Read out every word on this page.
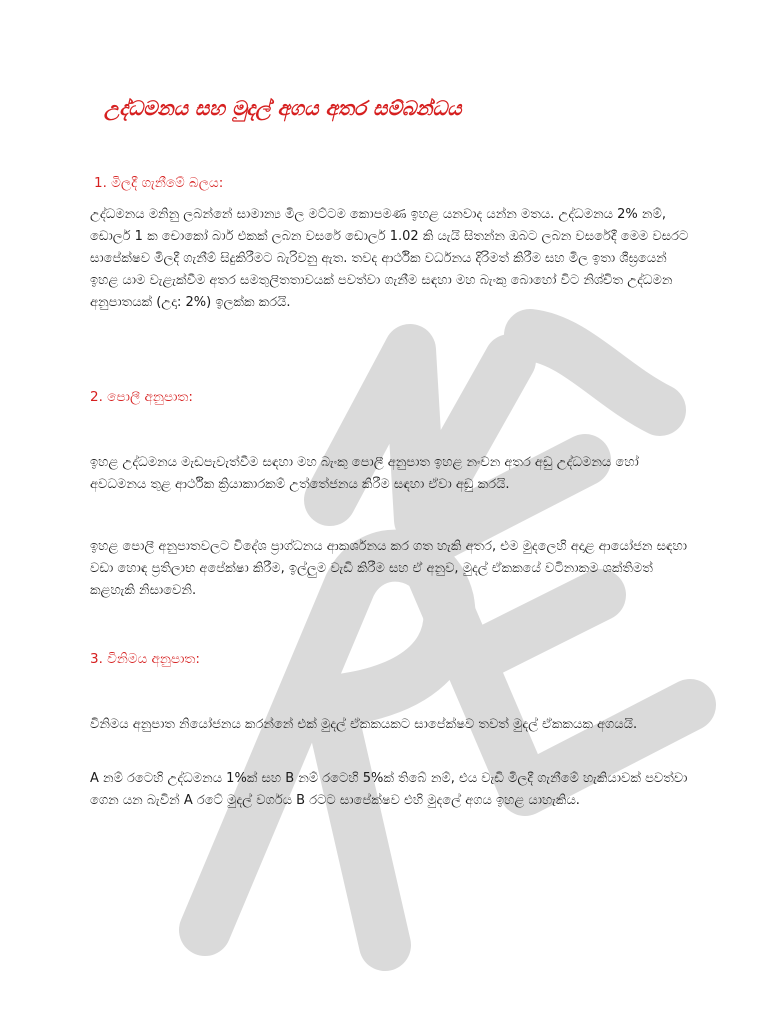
උද්ධමනය සහ මුදල් අගය අතර සම්බන්ධය
1. මිලදී ගැනීමේ බලය:

උද්ධමනය මනිනු ලබන්නේ සාමාන්‍ය මිල මට්ටම කොපමණ ඉහළ යනවාද යන්න මතය. උද්ධමනය 2% නම්, ඩොලර් 1 ක චොකෝ බාර් එකක් ලබන වසරේ ඩොලර් 1.02 කි යැයි සිතන්න ඔබට ලබන වසරේදී මෙම වසරට සාපේක්ෂව මිලදී ගැනීම් සිදුකිරීමට බැරිවනු ඇත. තවද ආර්ථික වර්ධනය දිරිමත් කිරීම සහ මිල ඉතා ශීඝ්‍රයෙන් ඉහළ යාම වැළැක්වීම අතර සමතුලිතතාවයක් පවත්වා ගැනීම සඳහා මහ බැංකු බොහෝ විට නිශ්චිත උද්ධමන අනුපාතයක් (උදා: 2%) ඉලක්ක කරයි.

2. පොලී අනුපාත:

ඉහළ උද්ධමනය මැඩපැවැත්වීම සඳහා මහ බැංකු පොලී අනුපාත ඉහළ නංවන අතර අඩු උද්ධමනය හෝ අවධමනය තුළ ආර්ථික ක්‍රියාකාරකම් උත්තේජනය කිරීම සඳහා ඒවා අඩු කරයි.

ඉහළ පොලී අනුපාතවලට විදේශ ප්‍රාග්ධනය ආකර්ශනය කර ගත හැකි අතර, එම මුදලෙහි අදාළ ආයෝජන සඳහා වඩා හොඳ ප්‍රතිලාභ අපේක්ෂා කිරීම, ඉල්ලුම වැඩි කිරීම සහ ඒ අනුව, මුදල් ඒකකයේ වටිනාකම ශක්තිමත් කළහැකි නිසාවෙනි.

3. විනිමය අනුපාත:

විනිමය අනුපාත නියෝජනය කරන්නේ එක් මුදල් ඒකකයකට සාපේක්ෂව තවත් මුදල් ඒකකයක අගයයි.

A නම් රටෙහි උද්ධමනය 1%ක් සහ B නම් රටෙහි 5%ක් තිබේ නම්, එය වැඩි මිලදී ගැනීමේ හැකියාවක් පවත්වා ගෙන යන බැවින් A රටේ මුදල් වර්ගය B රටට සාපේක්ෂව එහි මුදලේ අගය ඉහළ යාහැකිය.
